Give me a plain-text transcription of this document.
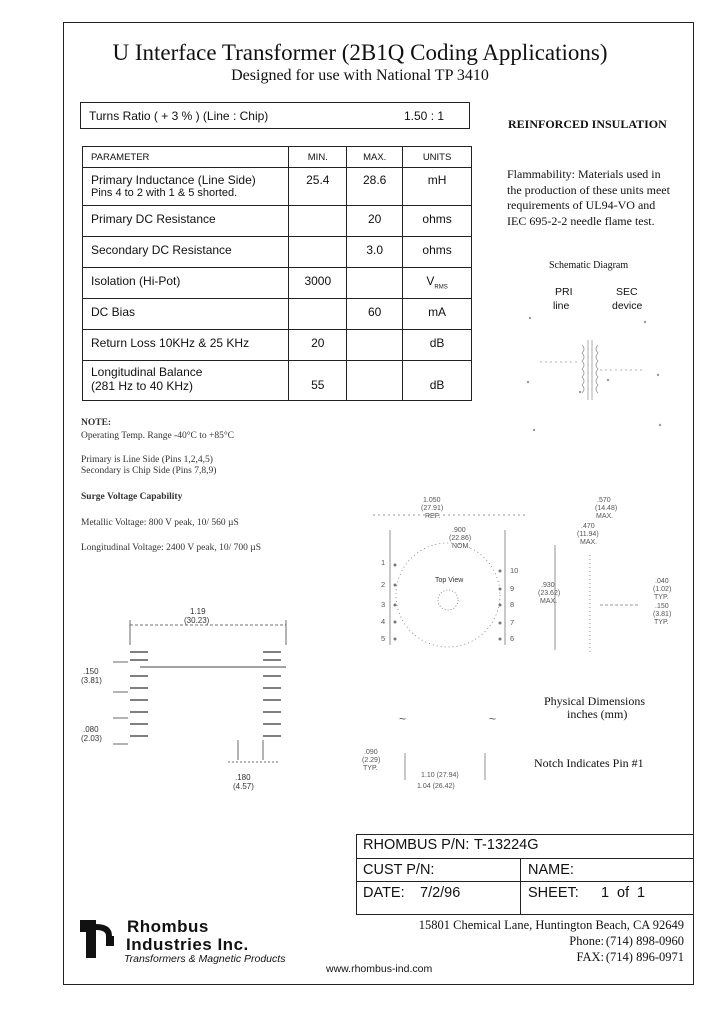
U Interface Transformer (2B1Q Coding Applications)
Designed for use with National TP 3410
Turns Ratio ( + 3 % ) (Line : Chip)	1.50 : 1
PARAMETER	MIN.	MAX.	UNITS

Primary Inductance (Line Side)
Pins 4 to 2 with 1 & 5 shorted.	25.4	28.6	mH
Primary DC Resistance		20	ohms
Secondary DC Resistance		3.0	ohms
Isolation (Hi-Pot)	3000		$V_{RMS}$
DC Bias		60	mA
Return Loss 10KHz & 25 KHz	20		dB

Longitudinal Balance
(281 Hz to 40 KHz)	55		dB
REINFORCED INSULATION
Flammability: Materials used in the production of these units meet requirements of UL94-VO and IEC 695-2-2 needle flame test.
Schematic Diagram
PRI
line
SEC
device
NOTE:
Operating Temp. Range -40°C to +85°C
Primary is Line Side (Pins 1,2,4,5)
Secondary is Chip Side (Pins 7,8,9)
Surge Voltage Capability
Metallic Voltage: 800 V peak, 10/ 560 µS
Longitudinal Voltage: 2400 V peak, 10/ 700 µS
1.19
(30.23)
.150
(3.81)
.080
(2.03)
.180
(4.57)
1
2
3
4
5
10
9
8
7
6
Top View
1.050
(27.91)
REF.
.900
(22.86)
NOM.
.570
(14.48)
MAX.
.470
(11.94)
MAX.
.930
(23.62)
MAX.
.040
(1.02)
TYP.
.150
(3.81)
TYP.
.090
(2.29)
TYP.
1.10 (27.94)
1.04 (26.42)
~	~
Physical Dimensions
inches (mm)
Notch Indicates Pin #1
RHOMBUS P/N: T-13224G
CUST P/N:	NAME:
DATE: 7/2/96	SHEET: 1 of 1
Rhombus
Industries Inc.
Transformers & Magnetic Products
15801 Chemical Lane, Huntington Beach, CA 92649
Phone: (714) 898-0960
FAX: (714) 896-0971
www.rhombus-ind.com
